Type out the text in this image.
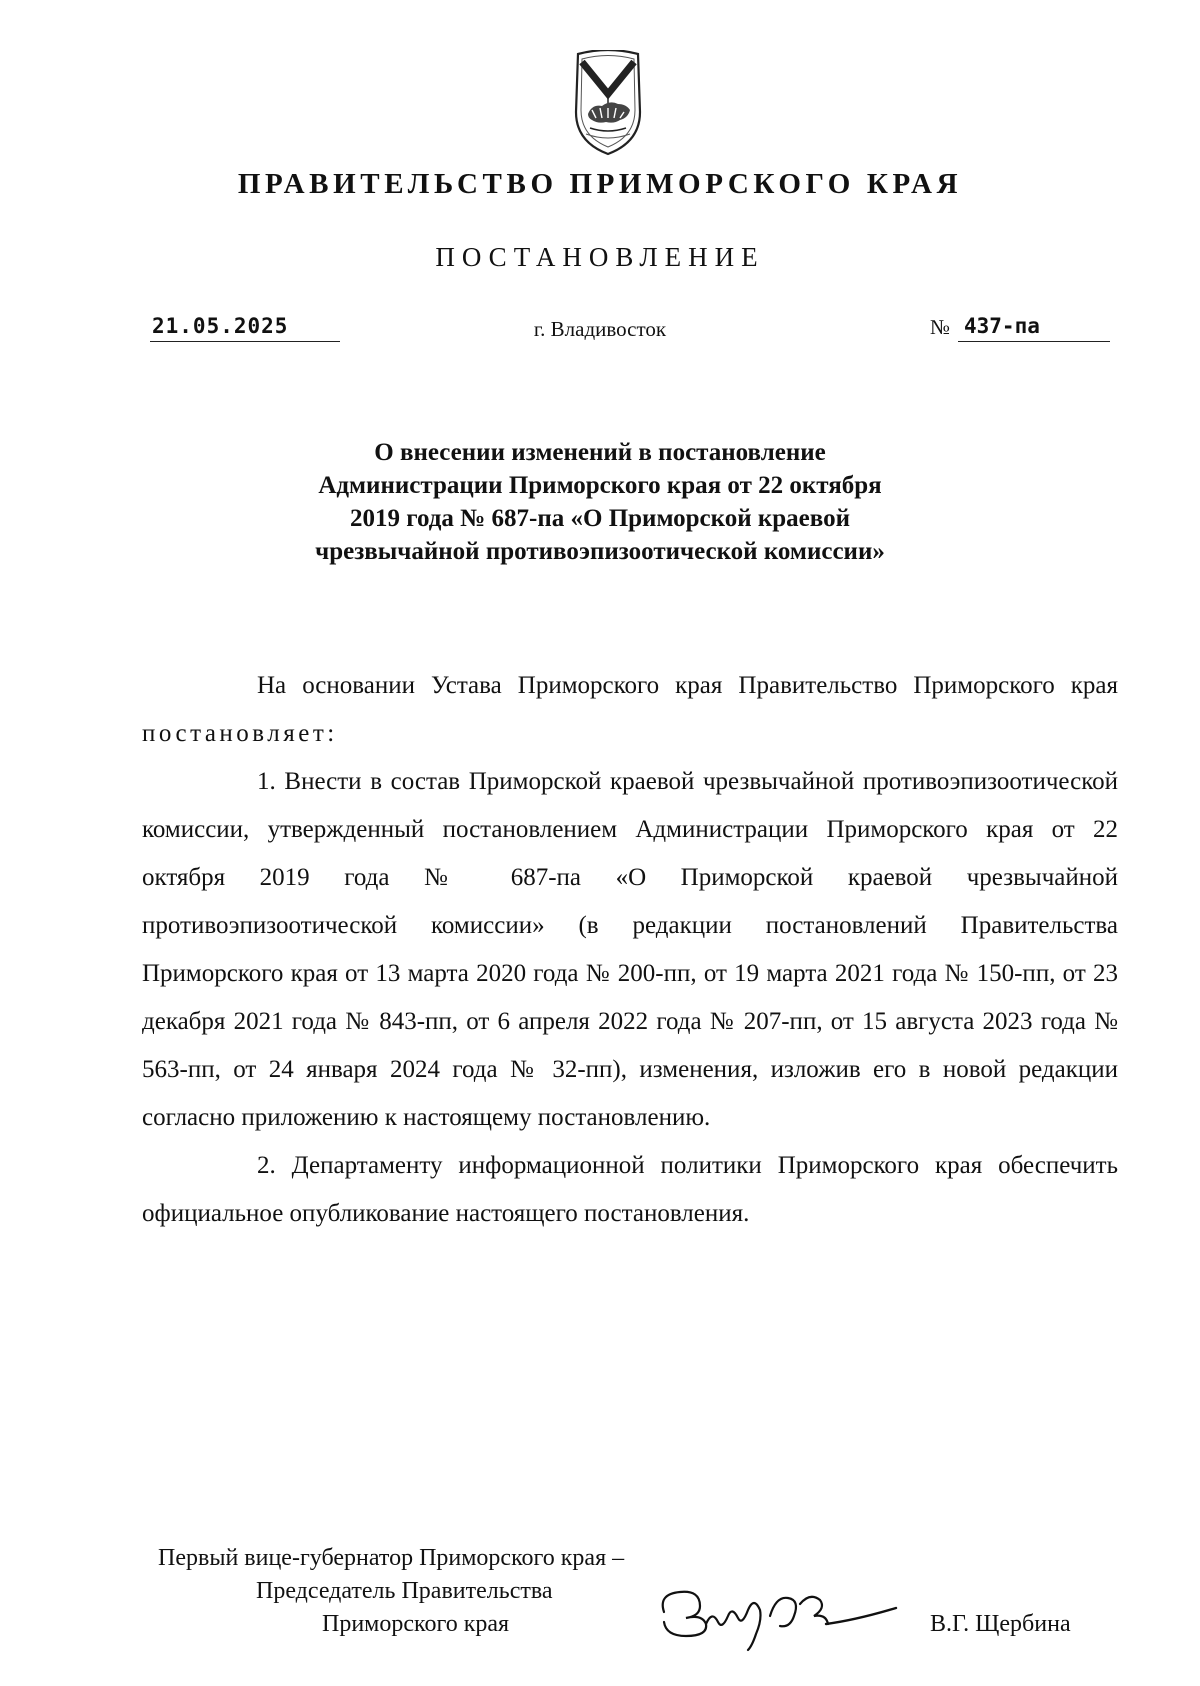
ПРАВИТЕЛЬСТВО ПРИМОРСКОГО КРАЯ
ПОСТАНОВЛЕНИЕ
21.05.2025	г. Владивосток	№ 437-па
О внесении изменений в постановление
Администрации Приморского края от 22 октября
2019 года № 687-па «О Приморской краевой
чрезвычайной противоэпизоотической комиссии»

На основании Устава Приморского края Правительство Приморского края постановляет:

1. Внести в состав Приморской краевой чрезвычайной противоэпизоотической комиссии, утвержденный постановлением Администрации Приморского края от 22 октября 2019 года № 687-па «О Приморской краевой чрезвычайной противоэпизоотической комиссии» (в редакции постановлений Правительства Приморского края от 13 марта 2020 года № 200-пп, от 19 марта 2021 года № 150-пп, от 23 декабря 2021 года № 843-пп, от 6 апреля 2022 года № 207-пп, от 15 августа 2023 года № 563-пп, от 24 января 2024 года № 32-пп), изменения, изложив его в новой редакции согласно приложению к настоящему постановлению.

2. Департаменту информационной политики Приморского края обеспечить официальное опубликование настоящего постановления.

Первый вице-губернатор Приморского края –
Председатель Правительства
Приморского края	В.Г. Щербина
